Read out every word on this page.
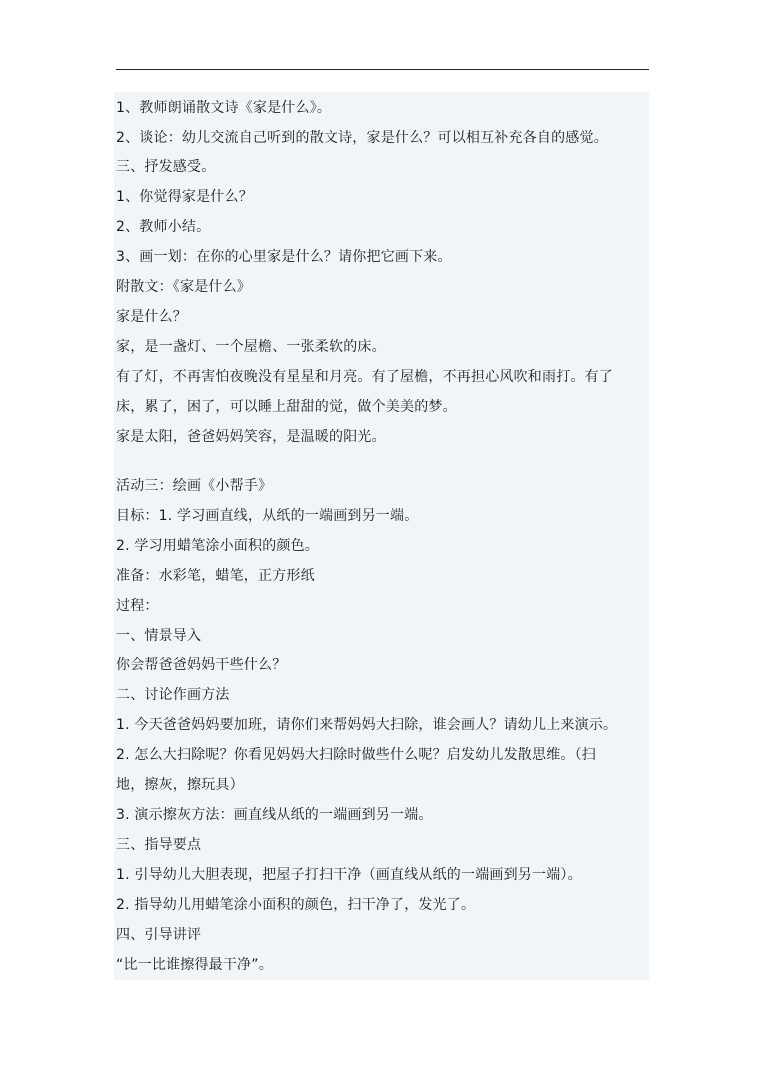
1、教师朗诵散文诗《家是什么》。
2、谈论：幼儿交流自己听到的散文诗，家是什么？可以相互补充各自的感觉。
三、抒发感受。
1、你觉得家是什么？
2、教师小结。
3、画一划：在你的心里家是什么？请你把它画下来。
附散文：《家是什么》
家是什么？
家，是一盏灯、一个屋檐、一张柔软的床。
有了灯，不再害怕夜晚没有星星和月亮。有了屋檐，不再担心风吹和雨打。有了
床，累了，困了，可以睡上甜甜的觉，做个美美的梦。
家是太阳，爸爸妈妈笑容，是温暖的阳光。
活动三：绘画《小帮手》
目标：1. 学习画直线，从纸的一端画到另一端。
2. 学习用蜡笔涂小面积的颜色。
准备：水彩笔，蜡笔，正方形纸
过程：
一、情景导入
你会帮爸爸妈妈干些什么？
二、讨论作画方法
1. 今天爸爸妈妈要加班，请你们来帮妈妈大扫除，谁会画人？请幼儿上来演示。
2. 怎么大扫除呢？你看见妈妈大扫除时做些什么呢？启发幼儿发散思维。（扫
地，擦灰，擦玩具）
3. 演示擦灰方法：画直线从纸的一端画到另一端。
三、指导要点
1. 引导幼儿大胆表现，把屋子打扫干净（画直线从纸的一端画到另一端）。
2. 指导幼儿用蜡笔涂小面积的颜色，扫干净了，发光了。
四、引导讲评
“比一比谁擦得最干净”。
